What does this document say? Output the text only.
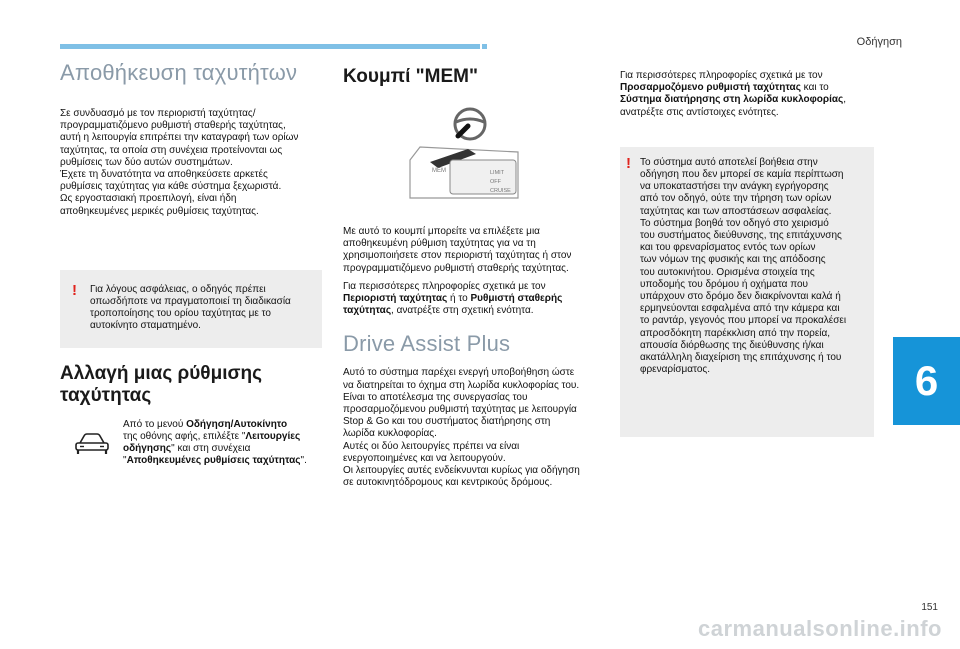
Οδήγηση
Αποθήκευση ταχυτήτων
Σε συνδυασμό με τον περιοριστή ταχύτητας/
προγραμματιζόμενο ρυθμιστή σταθερής ταχύτητας,
αυτή η λειτουργία επιτρέπει την καταγραφή των ορίων
ταχύτητας, τα οποία στη συνέχεια προτείνονται ως
ρυθμίσεις των δύο αυτών συστημάτων.
Έχετε τη δυνατότητα να αποθηκεύσετε αρκετές
ρυθμίσεις ταχύτητας για κάθε σύστημα ξεχωριστά.
Ως εργοστασιακή προεπιλογή, είναι ήδη
αποθηκευμένες μερικές ρυθμίσεις ταχύτητας.
! Για λόγους ασφάλειας, ο οδηγός πρέπει
οπωσδήποτε να πραγματοποιεί τη διαδικασία
τροποποίησης του ορίου ταχύτητας με το
αυτοκίνητο σταματημένο.
Αλλαγή μιας ρύθμισης
ταχύτητας
Από το μενού Οδήγηση/Αυτοκίνητο
της οθόνης αφής, επιλέξτε "Λειτουργίες
οδήγησης" και στη συνέχεια
"Αποθηκευμένες ρυθμίσεις ταχύτητας".
Κουμπί "MEM"
MEM	LIMIT
OFF
CRUISE
Με αυτό το κουμπί μπορείτε να επιλέξετε μια
αποθηκευμένη ρύθμιση ταχύτητας για να τη
χρησιμοποιήσετε στον περιοριστή ταχύτητας ή στον
προγραμματιζόμενο ρυθμιστή σταθερής ταχύτητας.
Για περισσότερες πληροφορίες σχετικά με τον
Περιοριστή ταχύτητας ή το Ρυθμιστή σταθερής
ταχύτητας, ανατρέξτε στη σχετική ενότητα.
Drive Assist Plus
Αυτό το σύστημα παρέχει ενεργή υποβοήθηση ώστε
να διατηρείται το όχημα στη λωρίδα κυκλοφορίας του.
Είναι το αποτέλεσμα της συνεργασίας του
προσαρμοζόμενου ρυθμιστή ταχύτητας με λειτουργία
Stop & Go και του συστήματος διατήρησης στη
λωρίδα κυκλοφορίας.
Αυτές οι δύο λειτουργίες πρέπει να είναι
ενεργοποιημένες και να λειτουργούν.
Οι λειτουργίες αυτές ενδείκνυνται κυρίως για οδήγηση
σε αυτοκινητόδρομους και κεντρικούς δρόμους.
Για περισσότερες πληροφορίες σχετικά με τον
Προσαρμοζόμενο ρυθμιστή ταχύτητας και το
Σύστημα διατήρησης στη λωρίδα κυκλοφορίας,
ανατρέξτε στις αντίστοιχες ενότητες.
! Το σύστημα αυτό αποτελεί βοήθεια στην
οδήγηση που δεν μπορεί σε καμία περίπτωση
να υποκαταστήσει την ανάγκη εγρήγορσης
από τον οδηγό, ούτε την τήρηση των ορίων
ταχύτητας και των αποστάσεων ασφαλείας.
Το σύστημα βοηθά τον οδηγό στο χειρισμό
του συστήματος διεύθυνσης, της επιτάχυνσης
και του φρεναρίσματος εντός των ορίων
των νόμων της φυσικής και της απόδοσης
του αυτοκινήτου. Ορισμένα στοιχεία της
υποδομής του δρόμου ή οχήματα που
υπάρχουν στο δρόμο δεν διακρίνονται καλά ή
ερμηνεύονται εσφαλμένα από την κάμερα και
το ραντάρ, γεγονός που μπορεί να προκαλέσει
απροσδόκητη παρέκκλιση από την πορεία,
απουσία διόρθωσης της διεύθυνσης ή/και
ακατάλληλη διαχείριση της επιτάχυνσης ή του
φρεναρίσματος.	6
151
carmanualsonline.info
